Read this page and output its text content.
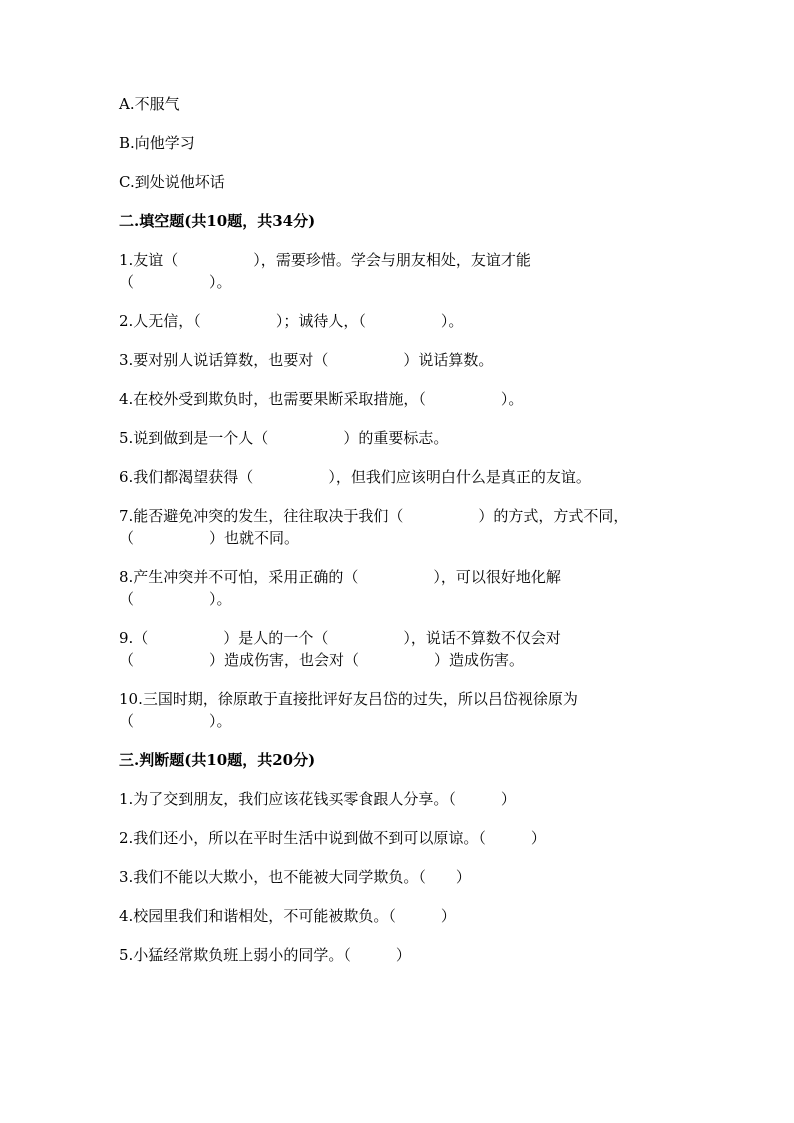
A.不服气

B.向他学习

C.到处说他坏话

二.填空题(共10题，共34分)

1.友谊（　　　　　），需要珍惜。学会与朋友相处，友谊才能

（　　　　　）。

2.人无信，（　　　　　）；诚待人，（　　　　　）。

3.要对别人说话算数，也要对（　　　　　）说话算数。

4.在校外受到欺负时，也需要果断采取措施，（　　　　　）。

5.说到做到是一个人（　　　　　）的重要标志。

6.我们都渴望获得（　　　　　），但我们应该明白什么是真正的友谊。

7.能否避免冲突的发生，往往取决于我们（　　　　　）的方式，方式不同，

（　　　　　）也就不同。

8.产生冲突并不可怕，采用正确的（　　　　　），可以很好地化解

（　　　　　）。

9.（　　　　　）是人的一个（　　　　　），说话不算数不仅会对

（　　　　　）造成伤害，也会对（　　　　　）造成伤害。

10.三国时期，徐原敢于直接批评好友吕岱的过失，所以吕岱视徐原为

（　　　　　）。

三.判断题(共10题，共20分)

1.为了交到朋友，我们应该花钱买零食跟人分享。（　　　）

2.我们还小，所以在平时生活中说到做不到可以原谅。（　　　）

3.我们不能以大欺小，也不能被大同学欺负。（　　）

4.校园里我们和谐相处，不可能被欺负。（　　　）

5.小猛经常欺负班上弱小的同学。（　　　）
